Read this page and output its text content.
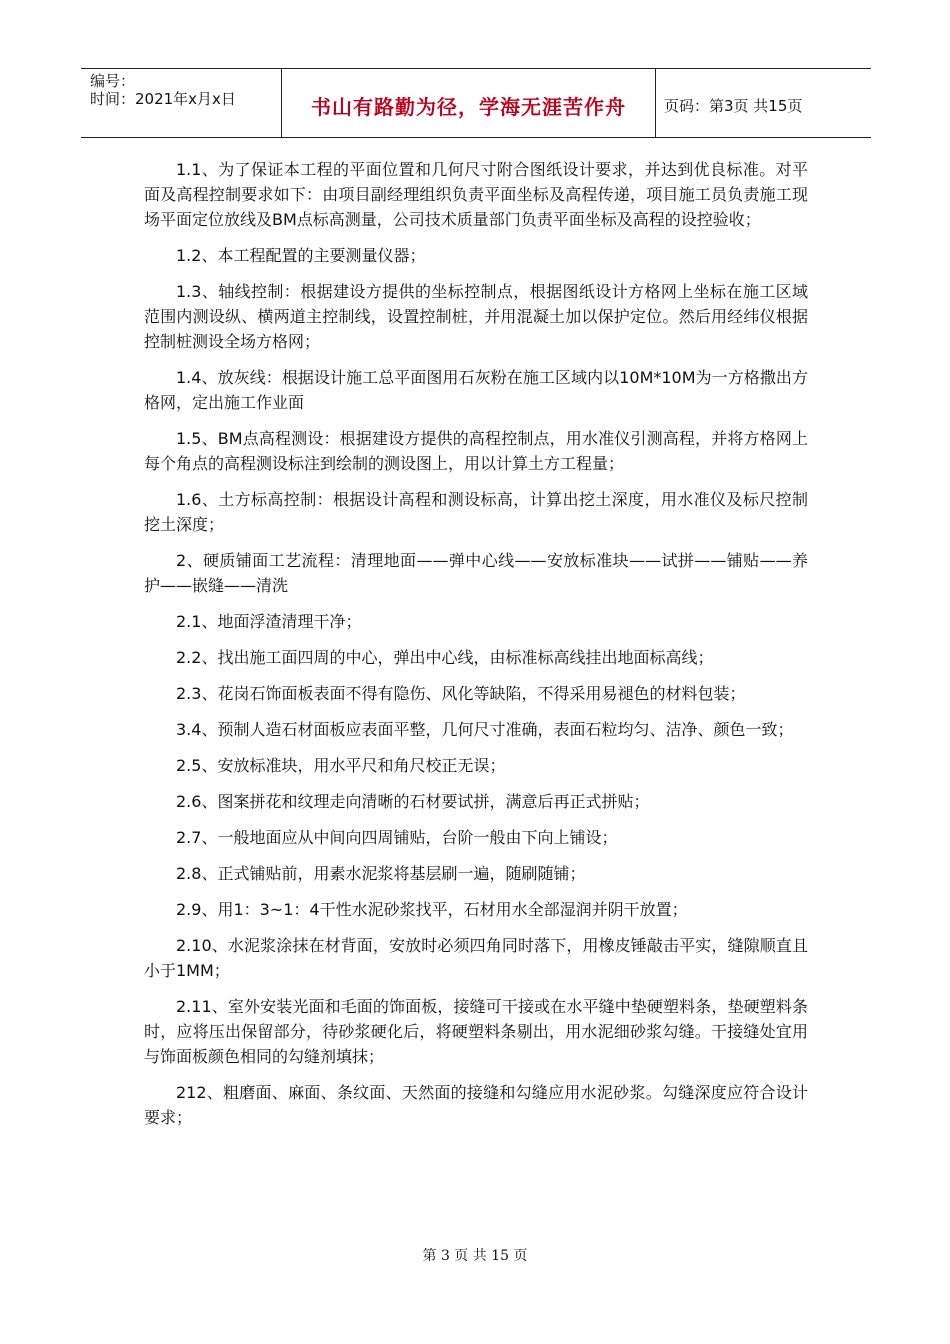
编号：
时间：2021年x月x日	书山有路勤为径，学海无涯苦作舟	页码：第3页 共15页

1.1、为了保证本工程的平面位置和几何尺寸附合图纸设计要求，并达到优良标准。对平面及高程控制要求如下：由项目副经理组织负责平面坐标及高程传递，项目施工员负责施工现场平面定位放线及BM点标高测量，公司技术质量部门负责平面坐标及高程的设控验收；

1.2、本工程配置的主要测量仪器；

1.3、轴线控制：根据建设方提供的坐标控制点，根据图纸设计方格网上坐标在施工区域范围内测设纵、横两道主控制线，设置控制桩，并用混凝土加以保护定位。然后用经纬仪根据控制桩测设全场方格网；

1.4、放灰线：根据设计施工总平面图用石灰粉在施工区域内以10M*10M为一方格撒出方格网，定出施工作业面

1.5、BM点高程测设：根据建设方提供的高程控制点，用水准仪引测高程，并将方格网上每个角点的高程测设标注到绘制的测设图上，用以计算土方工程量；

1.6、土方标高控制：根据设计高程和测设标高，计算出挖土深度，用水准仪及标尺控制挖土深度；

2、硬质铺面工艺流程：清理地面——弹中心线——安放标准块——试拼——铺贴——养护——嵌缝——清洗

2.1、地面浮渣清理干净；

2.2、找出施工面四周的中心，弹出中心线，由标准标高线挂出地面标高线；

2.3、花岗石饰面板表面不得有隐伤、风化等缺陷，不得采用易褪色的材料包装；

3.4、预制人造石材面板应表面平整，几何尺寸准确，表面石粒均匀、洁净、颜色一致；

2.5、安放标准块，用水平尺和角尺校正无误；

2.6、图案拼花和纹理走向清晰的石材要试拼，满意后再正式拼贴；

2.7、一般地面应从中间向四周铺贴，台阶一般由下向上铺设；

2.8、正式铺贴前，用素水泥浆将基层刷一遍，随刷随铺；

2.9、用1：3~1：4干性水泥砂浆找平，石材用水全部湿润并阴干放置；

2.10、水泥浆涂抹在材背面，安放时必须四角同时落下，用橡皮锤敲击平实，缝隙顺直且小于1MM；

2.11、室外安装光面和毛面的饰面板，接缝可干接或在水平缝中垫硬塑料条，垫硬塑料条时，应将压出保留部分，待砂浆硬化后，将硬塑料条剔出，用水泥细砂浆勾缝。干接缝处宜用与饰面板颜色相同的勾缝剂填抹；

212、粗磨面、麻面、条纹面、天然面的接缝和勾缝应用水泥砂浆。勾缝深度应符合设计要求；

第 3 页 共 15 页
